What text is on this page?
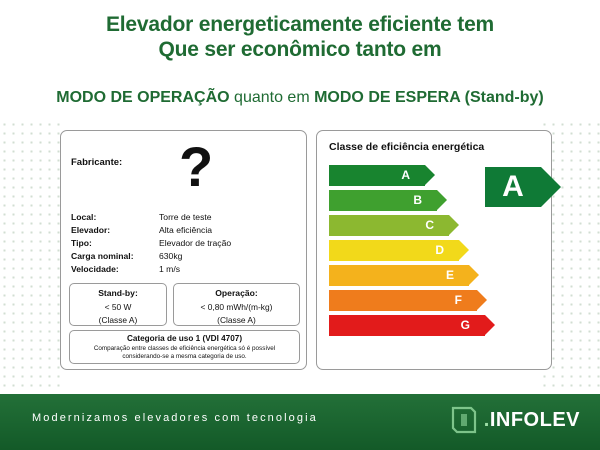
Elevador energeticamente eficiente tem
Que ser econômico tanto em
MODO DE OPERAÇÃO quanto em MODO DE ESPERA (Stand-by)
Fabricante: ?
Local:	Torre de teste
Elevador:	Alta eficiência
Tipo:	Elevador de tração
Carga nominal:	630kg
Velocidade:	1 m/s
Stand-by:
< 50 W
(Classe A)
Operação:
< 0,80 mWh/(m-kg)
(Classe A)
Categoria de uso 1 (VDI 4707)
Comparação entre classes de eficiência energética só é possível considerando-se a mesma categoria de uso.
Classe de eficiência energética
A
B
C
D
E
F
G
A
Modernizamos elevadores com tecnologia	.INFOLEV
